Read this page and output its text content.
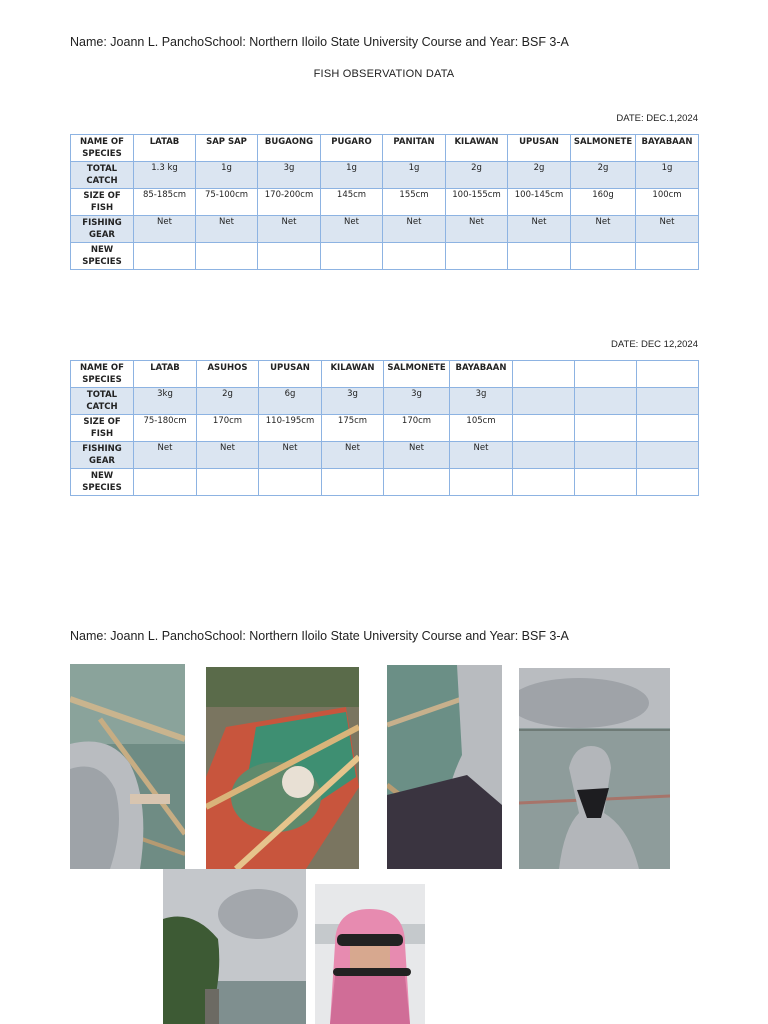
Name: Joann L. PanchoSchool: Northern Iloilo State University Course and Year: BSF 3-A
FISH OBSERVATION DATA
DATE: DEC.1,2024
NAME OF SPECIES	LATAB	SAP SAP	BUGAONG	PUGARO	PANITAN	KILAWAN	UPUSAN	SALMONETE	BAYABAAN
TOTAL CATCH	1.3 kg	1g	3g	1g	1g	2g	2g	2g	1g
SIZE OF FISH	85-185cm	75-100cm	170-200cm	145cm	155cm	100-155cm	100-145cm	160g	100cm
FISHING GEAR	Net	Net	Net	Net	Net	Net	Net	Net	Net
NEW SPECIES									
DATE: DEC 12,2024
NAME OF SPECIES	LATAB	ASUHOS	UPUSAN	KILAWAN	SALMONETE	BAYABAAN			
TOTAL CATCH	3kg	2g	6g	3g	3g	3g			
SIZE OF FISH	75-180cm	170cm	110-195cm	175cm	170cm	105cm			
FISHING GEAR	Net	Net	Net	Net	Net	Net			
NEW SPECIES									
Name: Joann L. PanchoSchool: Northern Iloilo State University Course and Year: BSF 3-A
